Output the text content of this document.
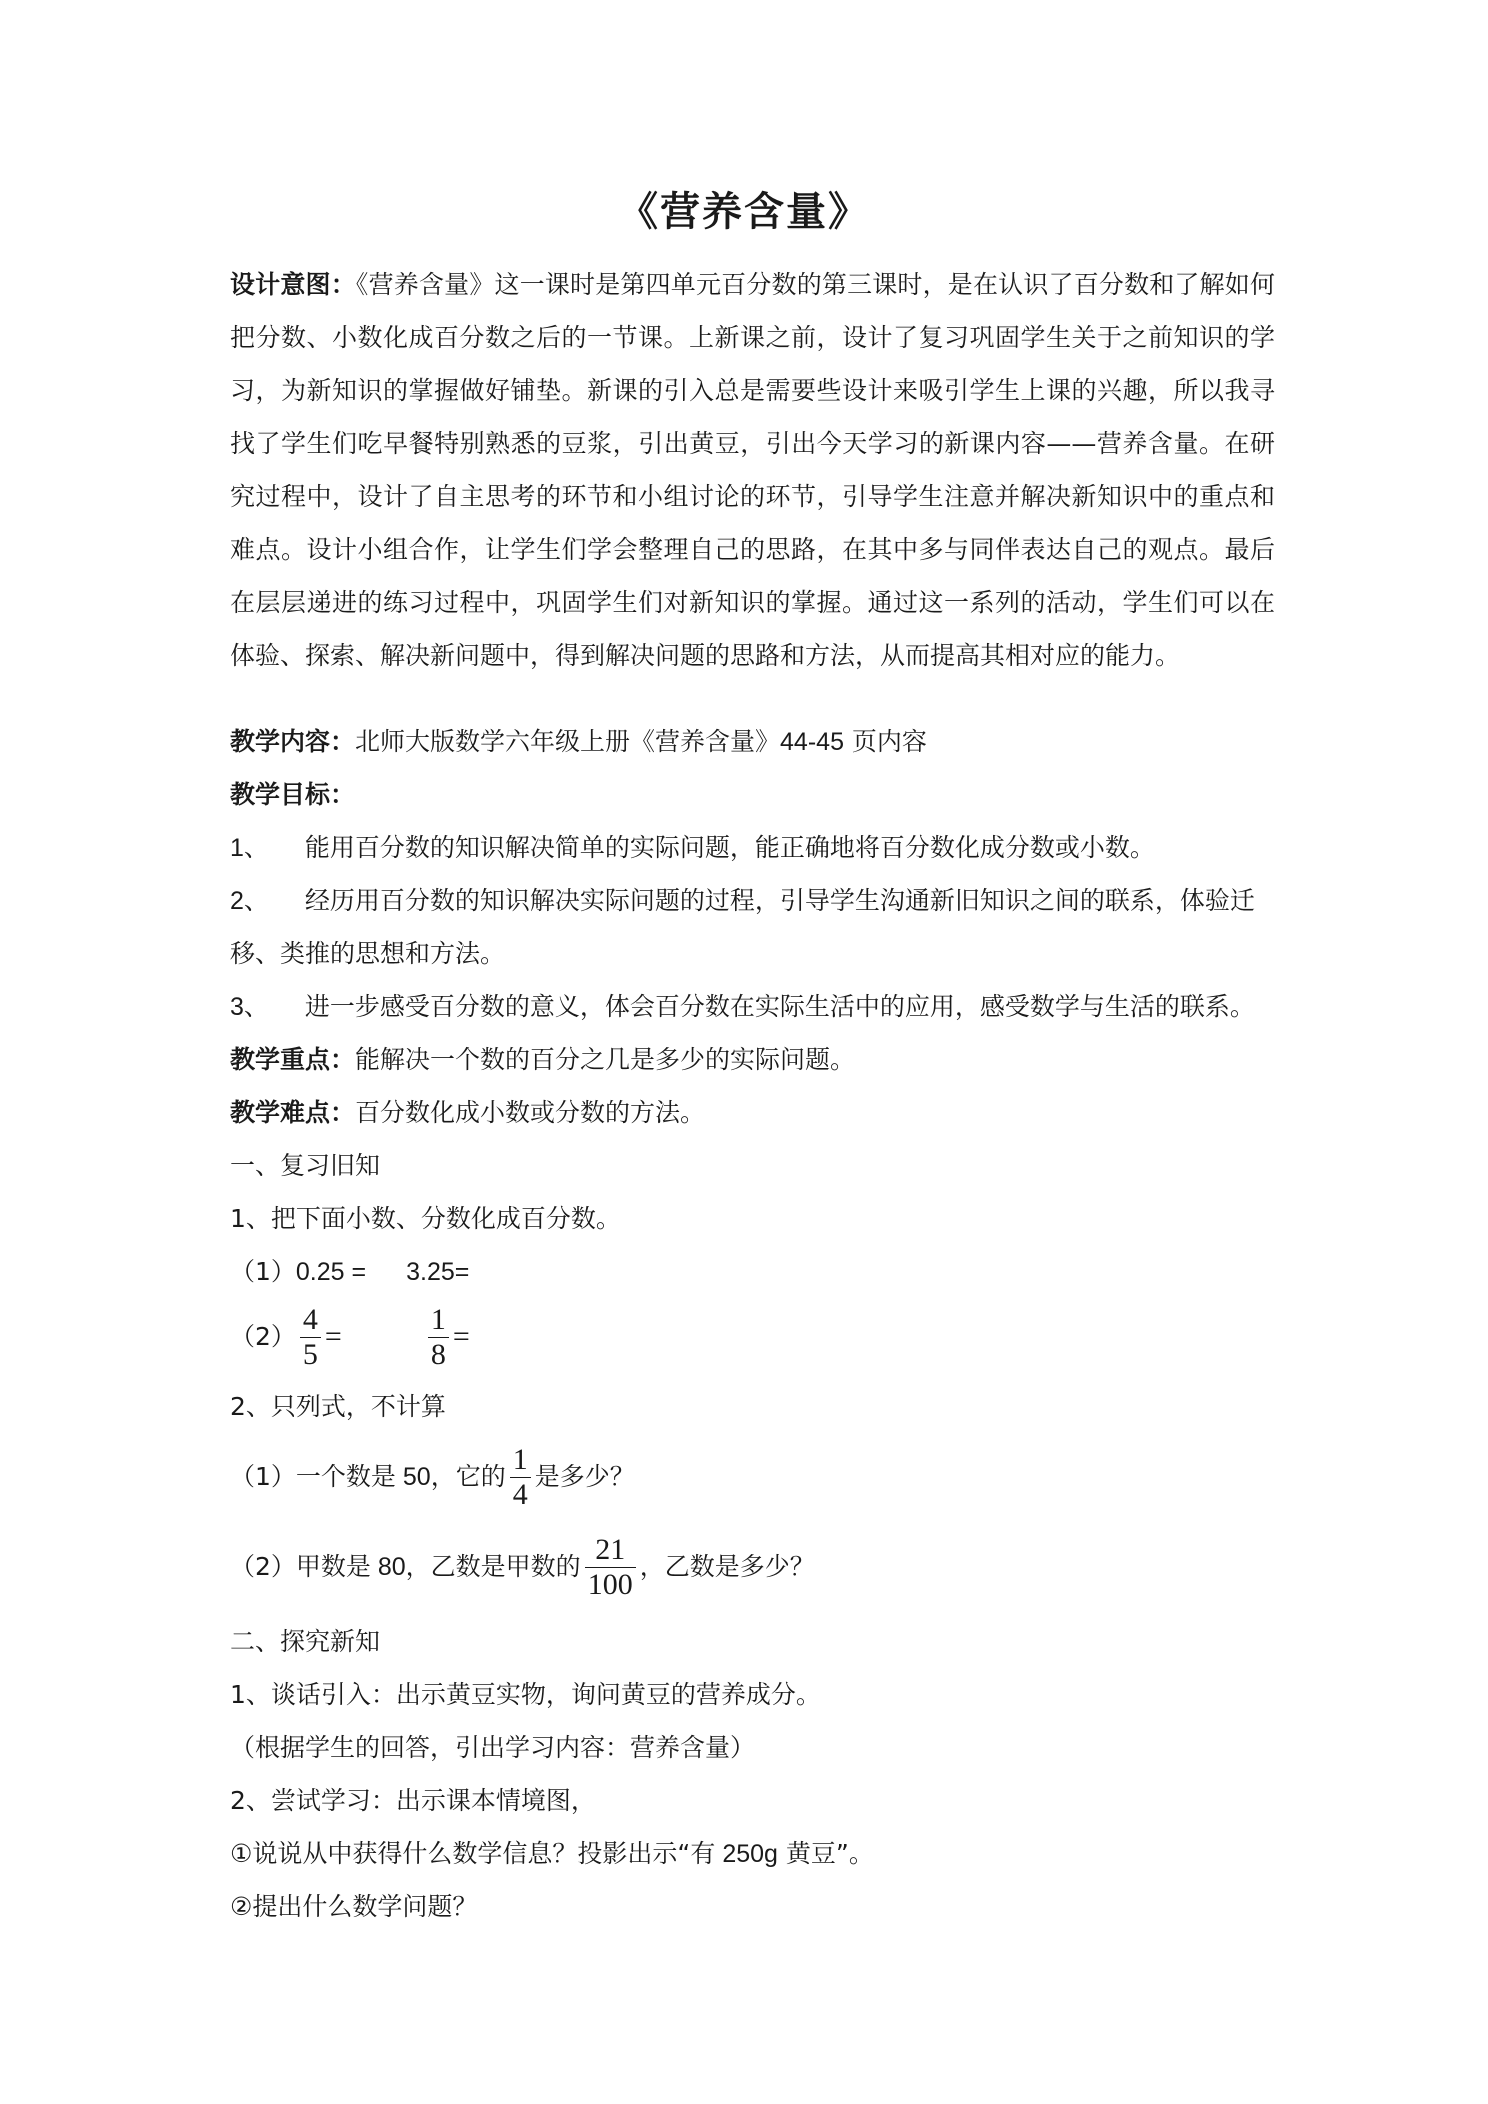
《营养含量》
设计意图：《营养含量》这一课时是第四单元百分数的第三课时，是在认识了百分数和了解如何把分数、小数化成百分数之后的一节课。上新课之前，设计了复习巩固学生关于之前知识的学习，为新知识的掌握做好铺垫。新课的引入总是需要些设计来吸引学生上课的兴趣，所以我寻找了学生们吃早餐特别熟悉的豆浆，引出黄豆，引出今天学习的新课内容——营养含量。在研究过程中，设计了自主思考的环节和小组讨论的环节，引导学生注意并解决新知识中的重点和难点。设计小组合作，让学生们学会整理自己的思路，在其中多与同伴表达自己的观点。最后在层层递进的练习过程中，巩固学生们对新知识的掌握。通过这一系列的活动，学生们可以在体验、探索、解决新问题中，得到解决问题的思路和方法，从而提高其相对应的能力。
教学内容：北师大版数学六年级上册《营养含量》44-45 页内容
教学目标：
1、 能用百分数的知识解决简单的实际问题，能正确地将百分数化成分数或小数。
2、 经历用百分数的知识解决实际问题的过程，引导学生沟通新旧知识之间的联系，体验迁
移、类推的思想和方法。
3、 进一步感受百分数的意义，体会百分数在实际生活中的应用，感受数学与生活的联系。
教学重点：能解决一个数的百分之几是多少的实际问题。
教学难点：百分数化成小数或分数的方法。
一、复习旧知
1、把下面小数、分数化成百分数。
（1）0.25 = 3.25=
$(2) \frac{4}{5}$ =	$\frac{1}{8}$ =
2、只列式，不计算
（1）一个数是 50，它的 $\frac{1}{4}$ 是多少？
（2）甲数是 80，乙数是甲数的 $\frac{21}{100}$ ，乙数是多少？
二、探究新知
1、谈话引入：出示黄豆实物，询问黄豆的营养成分。
（根据学生的回答，引出学习内容：营养含量）
2、尝试学习：出示课本情境图，
①说说从中获得什么数学信息？投影出示“有 250g 黄豆”。
②提出什么数学问题？
